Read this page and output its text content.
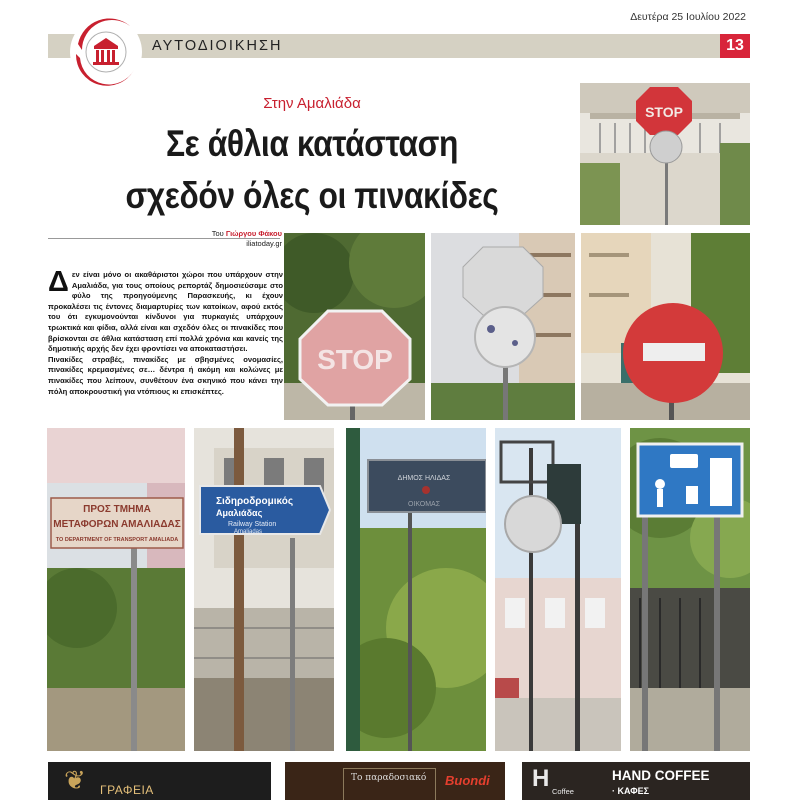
Δευτέρα 25 Ιουλίου 2022
ΑΥΤΟΔΙΟΙΚΗΣΗ	13
Στην Αμαλιάδα
Σε άθλια κατάσταση
σχεδόν όλες οι πινακίδες
Του Γιώργου Φάκου
iliatoday.gr

Δεν είναι μόνο οι ακαθάριστοι χώροι που υπάρχουν στην Αμαλιάδα, για τους οποίους ρεπορτάζ δημοσιεύσαμε στο φύλο της προηγούμενης Παρασκευής, κι έχουν προκαλέσει τις έντονες διαμαρτυρίες των κατοίκων, αφού εκτός του ότι εγκυμονούνται κίνδυνοι για πυρκαγιές υπάρχουν τρωκτικά και φίδια, αλλά είναι και σχεδόν όλες οι πινακίδες που βρίσκονται σε άθλια κατάσταση επί πολλά χρόνια και κανείς της δημοτικής αρχής δεν έχει φροντίσει να αποκαταστήσει.

Πινακίδες στραβές, πινακίδες με σβησμένες ονομασίες, πινακίδες κρεμασμένες σε… δέντρα ή ακόμη και κολώνες με πινακίδες που λείπουν, συνθέτουν ένα σκηνικό που κάνει την πόλη αποκρουστική για ντόπιους κι επισκέπτες.

STOP
STOP
ΠΡΟΣ ΤΜΗΜΑ
ΜΕΤΑΦΟΡΩΝ ΑΜΑΛΙΑΔΑΣ
TO DEPARTMENT OF TRANSPORT AMALIADA
Σιδηροδρομικός
Αμαλιάδας
Railway Station
Amaliadas
ΔΗΜΟΣ ΗΛΙΔΑΣ
ΟΙΚΟΜΑΣ
❦ ΓΡΑΦΕΙΑ
Το παραδοσιακό Buondi H Coffee
HAND COFFEE
· ΚΑΦΕΣ
